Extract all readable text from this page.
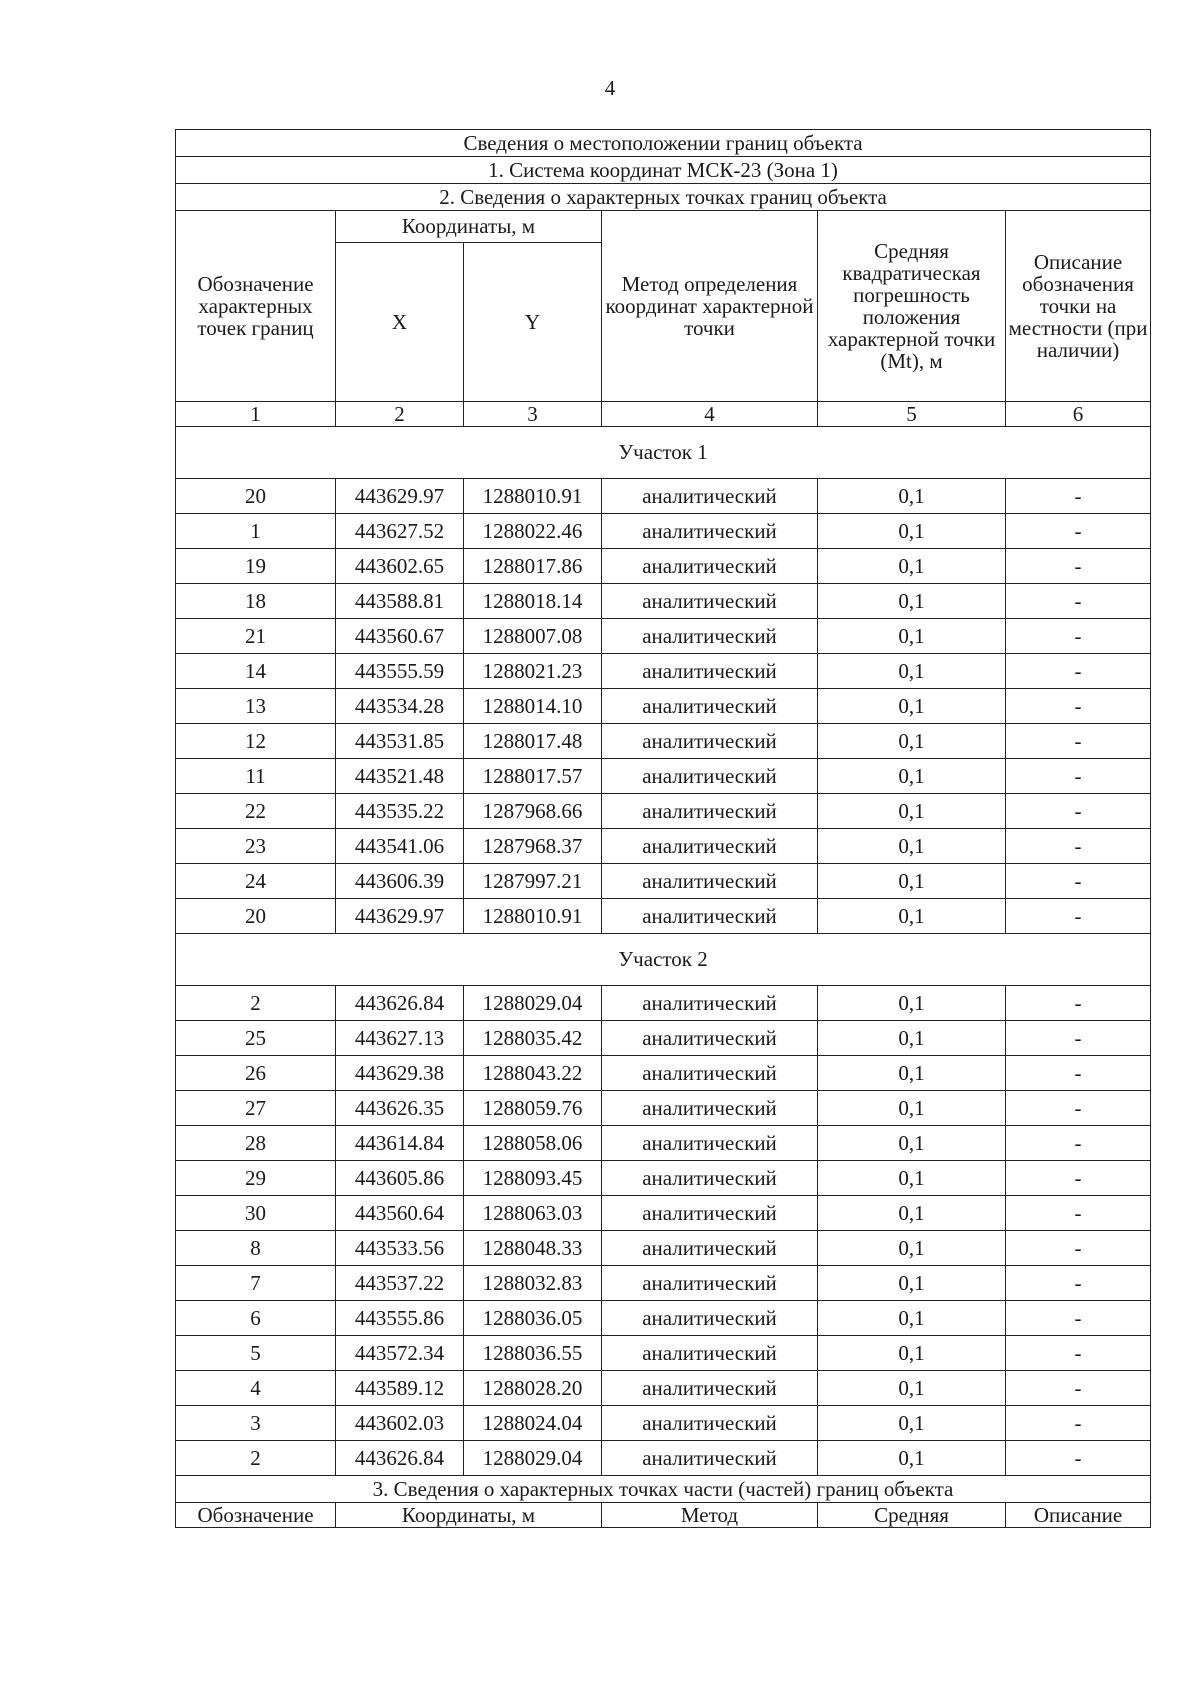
4
Сведения о местоположении границ объекта					
1. Система координат МСК-23 (Зона 1)					
2. Сведения о характерных точках границ объекта					
Обозначение характерных точек границ	Координаты, м		Метод определения координат характерной точки	Средняя квадратическая погрешность положения характерной точки (Mt), м	Описание обозначения точки на местности (при наличии)
	X	Y			
1	2	3	4	5	6
Участок 1					
20	443629.97	1288010.91	аналитический	0,1	-
1	443627.52	1288022.46	аналитический	0,1	-
19	443602.65	1288017.86	аналитический	0,1	-
18	443588.81	1288018.14	аналитический	0,1	-
21	443560.67	1288007.08	аналитический	0,1	-
14	443555.59	1288021.23	аналитический	0,1	-
13	443534.28	1288014.10	аналитический	0,1	-
12	443531.85	1288017.48	аналитический	0,1	-
11	443521.48	1288017.57	аналитический	0,1	-
22	443535.22	1287968.66	аналитический	0,1	-
23	443541.06	1287968.37	аналитический	0,1	-
24	443606.39	1287997.21	аналитический	0,1	-
20	443629.97	1288010.91	аналитический	0,1	-
Участок 2					
2	443626.84	1288029.04	аналитический	0,1	-
25	443627.13	1288035.42	аналитический	0,1	-
26	443629.38	1288043.22	аналитический	0,1	-
27	443626.35	1288059.76	аналитический	0,1	-
28	443614.84	1288058.06	аналитический	0,1	-
29	443605.86	1288093.45	аналитический	0,1	-
30	443560.64	1288063.03	аналитический	0,1	-
8	443533.56	1288048.33	аналитический	0,1	-
7	443537.22	1288032.83	аналитический	0,1	-
6	443555.86	1288036.05	аналитический	0,1	-
5	443572.34	1288036.55	аналитический	0,1	-
4	443589.12	1288028.20	аналитический	0,1	-
3	443602.03	1288024.04	аналитический	0,1	-
2	443626.84	1288029.04	аналитический	0,1	-
3. Сведения о характерных точках части (частей) границ объекта					
Обозначение	Координаты, м		Метод	Средняя	Описание
